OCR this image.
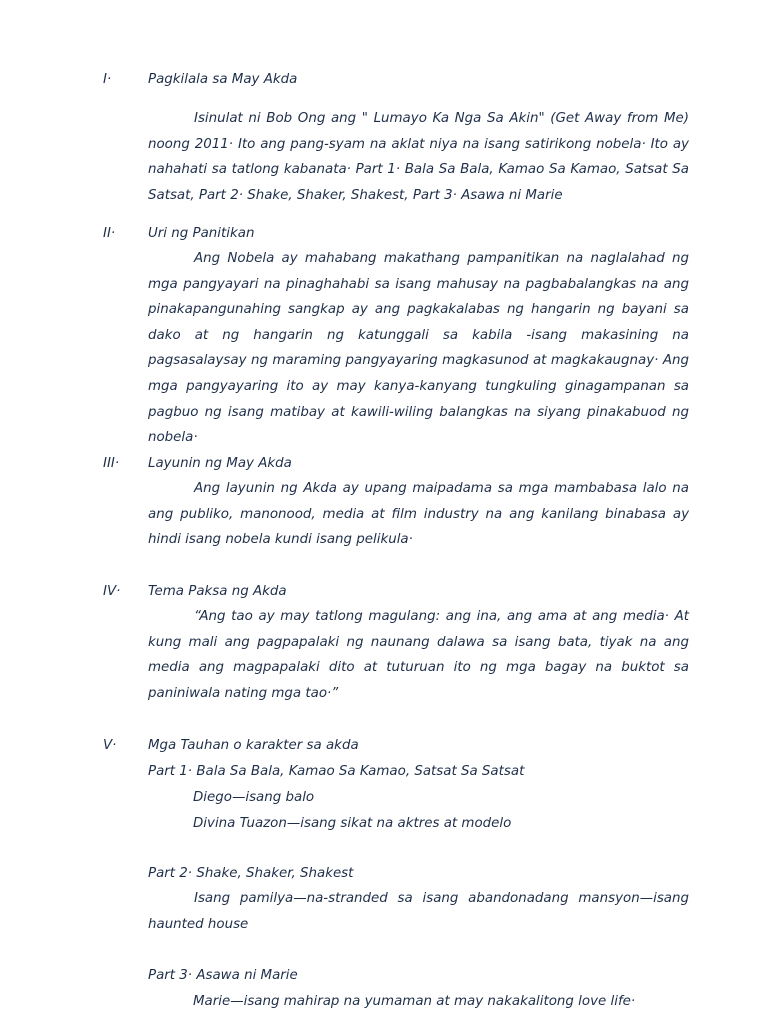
I·	Pagkilala sa May Akda
Isinulat ni Bob Ong ang " Lumayo Ka Nga Sa Akin" (Get Away from Me) noong 2011· Ito ang pang-syam na aklat niya na isang satirikong nobela· Ito ay nahahati sa tatlong kabanata· Part 1· Bala Sa Bala, Kamao Sa Kamao, Satsat Sa Satsat, Part 2· Shake, Shaker, Shakest, Part 3· Asawa ni Marie
II· Uri ng Panitikan
Ang Nobela ay mahabang makathang pampanitikan na naglalahad ng mga pangyayari na pinaghahabi sa isang mahusay na pagbabalangkas na ang pinakapangunahing sangkap ay ang pagkakalabas ng hangarin ng bayani sa dako at ng hangarin ng katunggali sa kabila -isang makasining na pagsasalaysay ng maraming pangyayaring magkasunod at magkakaugnay· Ang mga pangyayaring ito ay may kanya-kanyang tungkuling ginagampanan sa pagbuo ng isang matibay at kawili-wiling balangkas na siyang pinakabuod ng nobela·
III· Layunin ng May Akda
Ang layunin ng Akda ay upang maipadama sa mga mambabasa lalo na ang publiko, manonood, media at film industry na ang kanilang binabasa ay hindi isang nobela kundi isang pelikula·
IV· Tema Paksa ng Akda
“Ang tao ay may tatlong magulang: ang ina, ang ama at ang media· At kung mali ang pagpapalaki ng naunang dalawa sa isang bata, tiyak na ang media ang magpapalaki dito at tuturuan ito ng mga bagay na buktot sa paniniwala nating mga tao·”
V· Mga Tauhan o karakter sa akda
Part 1· Bala Sa Bala, Kamao Sa Kamao, Satsat Sa Satsat
Diego—isang balo
Divina Tuazon—isang sikat na aktres at modelo
Part 2· Shake, Shaker, Shakest
Isang pamilya—na-stranded sa isang abandonadang mansyon—isang haunted house
Part 3· Asawa ni Marie
Marie—isang mahirap na yumaman at may nakakalitong love life·
